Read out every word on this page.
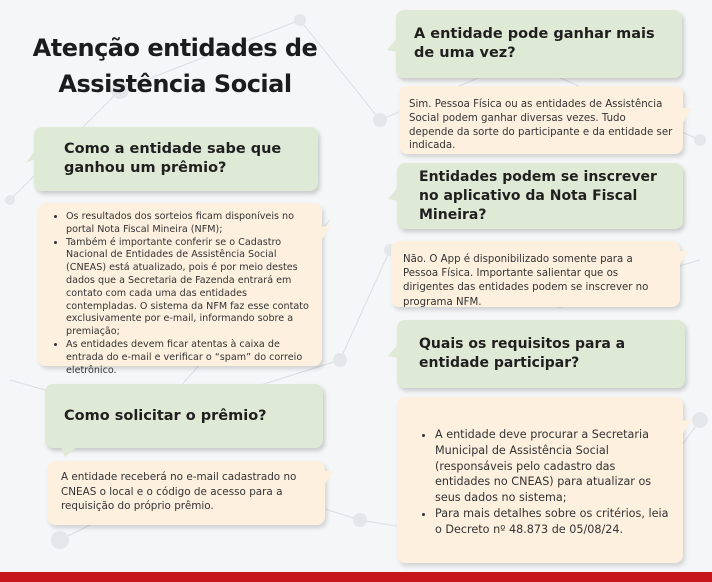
Atenção entidades de
Assistência Social
Como a entidade sabe que ganhou um prêmio?
• Os resultados dos sorteios ficam disponíveis no portal Nota Fiscal Mineira (NFM);
• Também é importante conferir se o Cadastro Nacional de Entidades de Assistência Social (CNEAS) está atualizado, pois é por meio destes dados que a Secretaria de Fazenda entrará em contato com cada uma das entidades contempladas. O sistema da NFM faz esse contato exclusivamente por e-mail, informando sobre a premiação;
• As entidades devem ficar atentas à caixa de entrada do e-mail e verificar o “spam” do correio eletrônico.
Como solicitar o prêmio?
A entidade receberá no e-mail cadastrado no CNEAS o local e o código de acesso para a requisição do próprio prêmio.
A entidade pode ganhar mais de uma vez?
Sim. Pessoa Física ou as entidades de Assistência Social podem ganhar diversas vezes. Tudo depende da sorte do participante e da entidade ser indicada.
Entidades podem se inscrever no aplicativo da Nota Fiscal Mineira?
Não. O App é disponibilizado somente para a Pessoa Física. Importante salientar que os dirigentes das entidades podem se inscrever no programa NFM.
Quais os requisitos para a entidade participar?
• A entidade deve procurar a Secretaria Municipal de Assistência Social (responsáveis pelo cadastro das entidades no CNEAS) para atualizar os seus dados no sistema;
• Para mais detalhes sobre os critérios, leia o Decreto nº 48.873 de 05/08/24.
